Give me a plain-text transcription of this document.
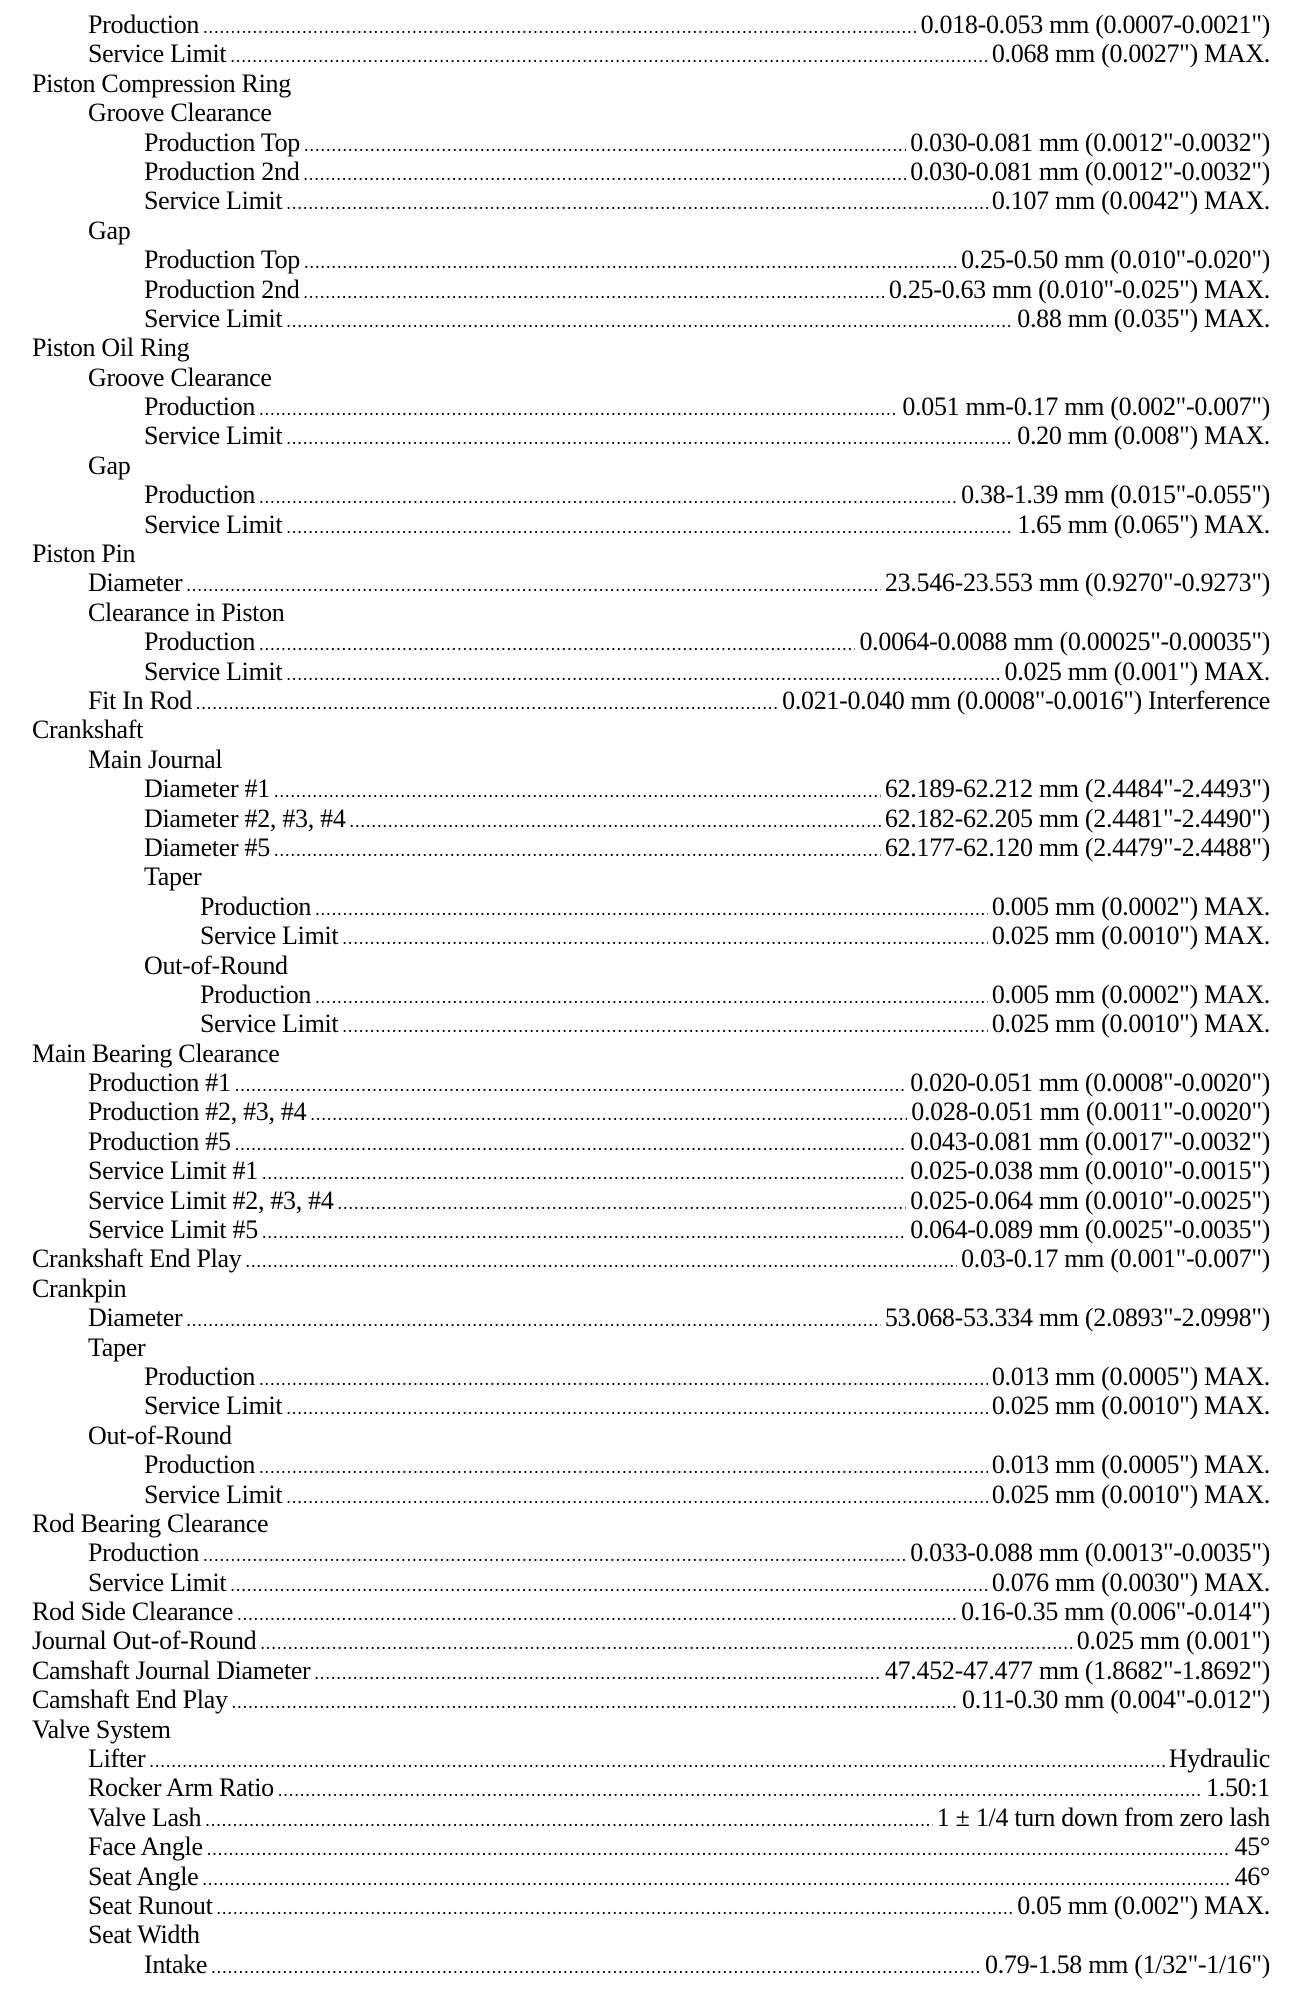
Production .....	0.018-0.053 mm (0.0007-0.0021")
Service Limit .....	0.068 mm (0.0027") MAX.
Piston Compression Ring
Groove Clearance
Production Top .....	0.030-0.081 mm (0.0012"-0.0032")
Production 2nd .....	0.030-0.081 mm (0.0012"-0.0032")
Service Limit .....	0.107 mm (0.0042") MAX.
Gap
Production Top .....	0.25-0.50 mm (0.010"-0.020")
Production 2nd .....	0.25-0.63 mm (0.010"-0.025") MAX.
Service Limit .....	0.88 mm (0.035") MAX.
Piston Oil Ring
Groove Clearance
Production .....	0.051 mm-0.17 mm (0.002"-0.007")
Service Limit .....	0.20 mm (0.008") MAX.
Gap
Production .....	0.38-1.39 mm (0.015"-0.055")
Service Limit .....	1.65 mm (0.065") MAX.
Piston Pin
Diameter .....	23.546-23.553 mm (0.9270"-0.9273")
Clearance in Piston
Production .....	0.0064-0.0088 mm (0.00025"-0.00035")
Service Limit .....	0.025 mm (0.001") MAX.
Fit In Rod .....	0.021-0.040 mm (0.0008"-0.0016") Interference
Crankshaft
Main Journal
Diameter #1 .....	62.189-62.212 mm (2.4484"-2.4493")
Diameter #2, #3, #4 .....	62.182-62.205 mm (2.4481"-2.4490")
Diameter #5 .....	62.177-62.120 mm (2.4479"-2.4488")
Taper
Production .....	0.005 mm (0.0002") MAX.
Service Limit .....	0.025 mm (0.0010") MAX.
Out-of-Round
Production .....	0.005 mm (0.0002") MAX.
Service Limit .....	0.025 mm (0.0010") MAX.
Main Bearing Clearance
Production #1 .....	0.020-0.051 mm (0.0008"-0.0020")
Production #2, #3, #4 .....	0.028-0.051 mm (0.0011"-0.0020")
Production #5 .....	0.043-0.081 mm (0.0017"-0.0032")
Service Limit #1 .....	0.025-0.038 mm (0.0010"-0.0015")
Service Limit #2, #3, #4 .....	0.025-0.064 mm (0.0010"-0.0025")
Service Limit #5 .....	0.064-0.089 mm (0.0025"-0.0035")
Crankshaft End Play .....	0.03-0.17 mm (0.001"-0.007")
Crankpin
Diameter .....	53.068-53.334 mm (2.0893"-2.0998")
Taper
Production .....	0.013 mm (0.0005") MAX.
Service Limit .....	0.025 mm (0.0010") MAX.
Out-of-Round
Production .....	0.013 mm (0.0005") MAX.
Service Limit .....	0.025 mm (0.0010") MAX.
Rod Bearing Clearance
Production .....	0.033-0.088 mm (0.0013"-0.0035")
Service Limit .....	0.076 mm (0.0030") MAX.
Rod Side Clearance .....	0.16-0.35 mm (0.006"-0.014")
Journal Out-of-Round .....	0.025 mm (0.001")
Camshaft Journal Diameter .....	47.452-47.477 mm (1.8682"-1.8692")
Camshaft End Play .....	0.11-0.30 mm (0.004"-0.012")
Valve System
Lifter .....	Hydraulic
Rocker Arm Ratio .....	1.50:1
Valve Lash .....	1 ± 1/4 turn down from zero lash
Face Angle .....	45°
Seat Angle .....	46°
Seat Runout .....	0.05 mm (0.002") MAX.
Seat Width
Intake .....	0.79-1.58 mm (1/32"-1/16")
